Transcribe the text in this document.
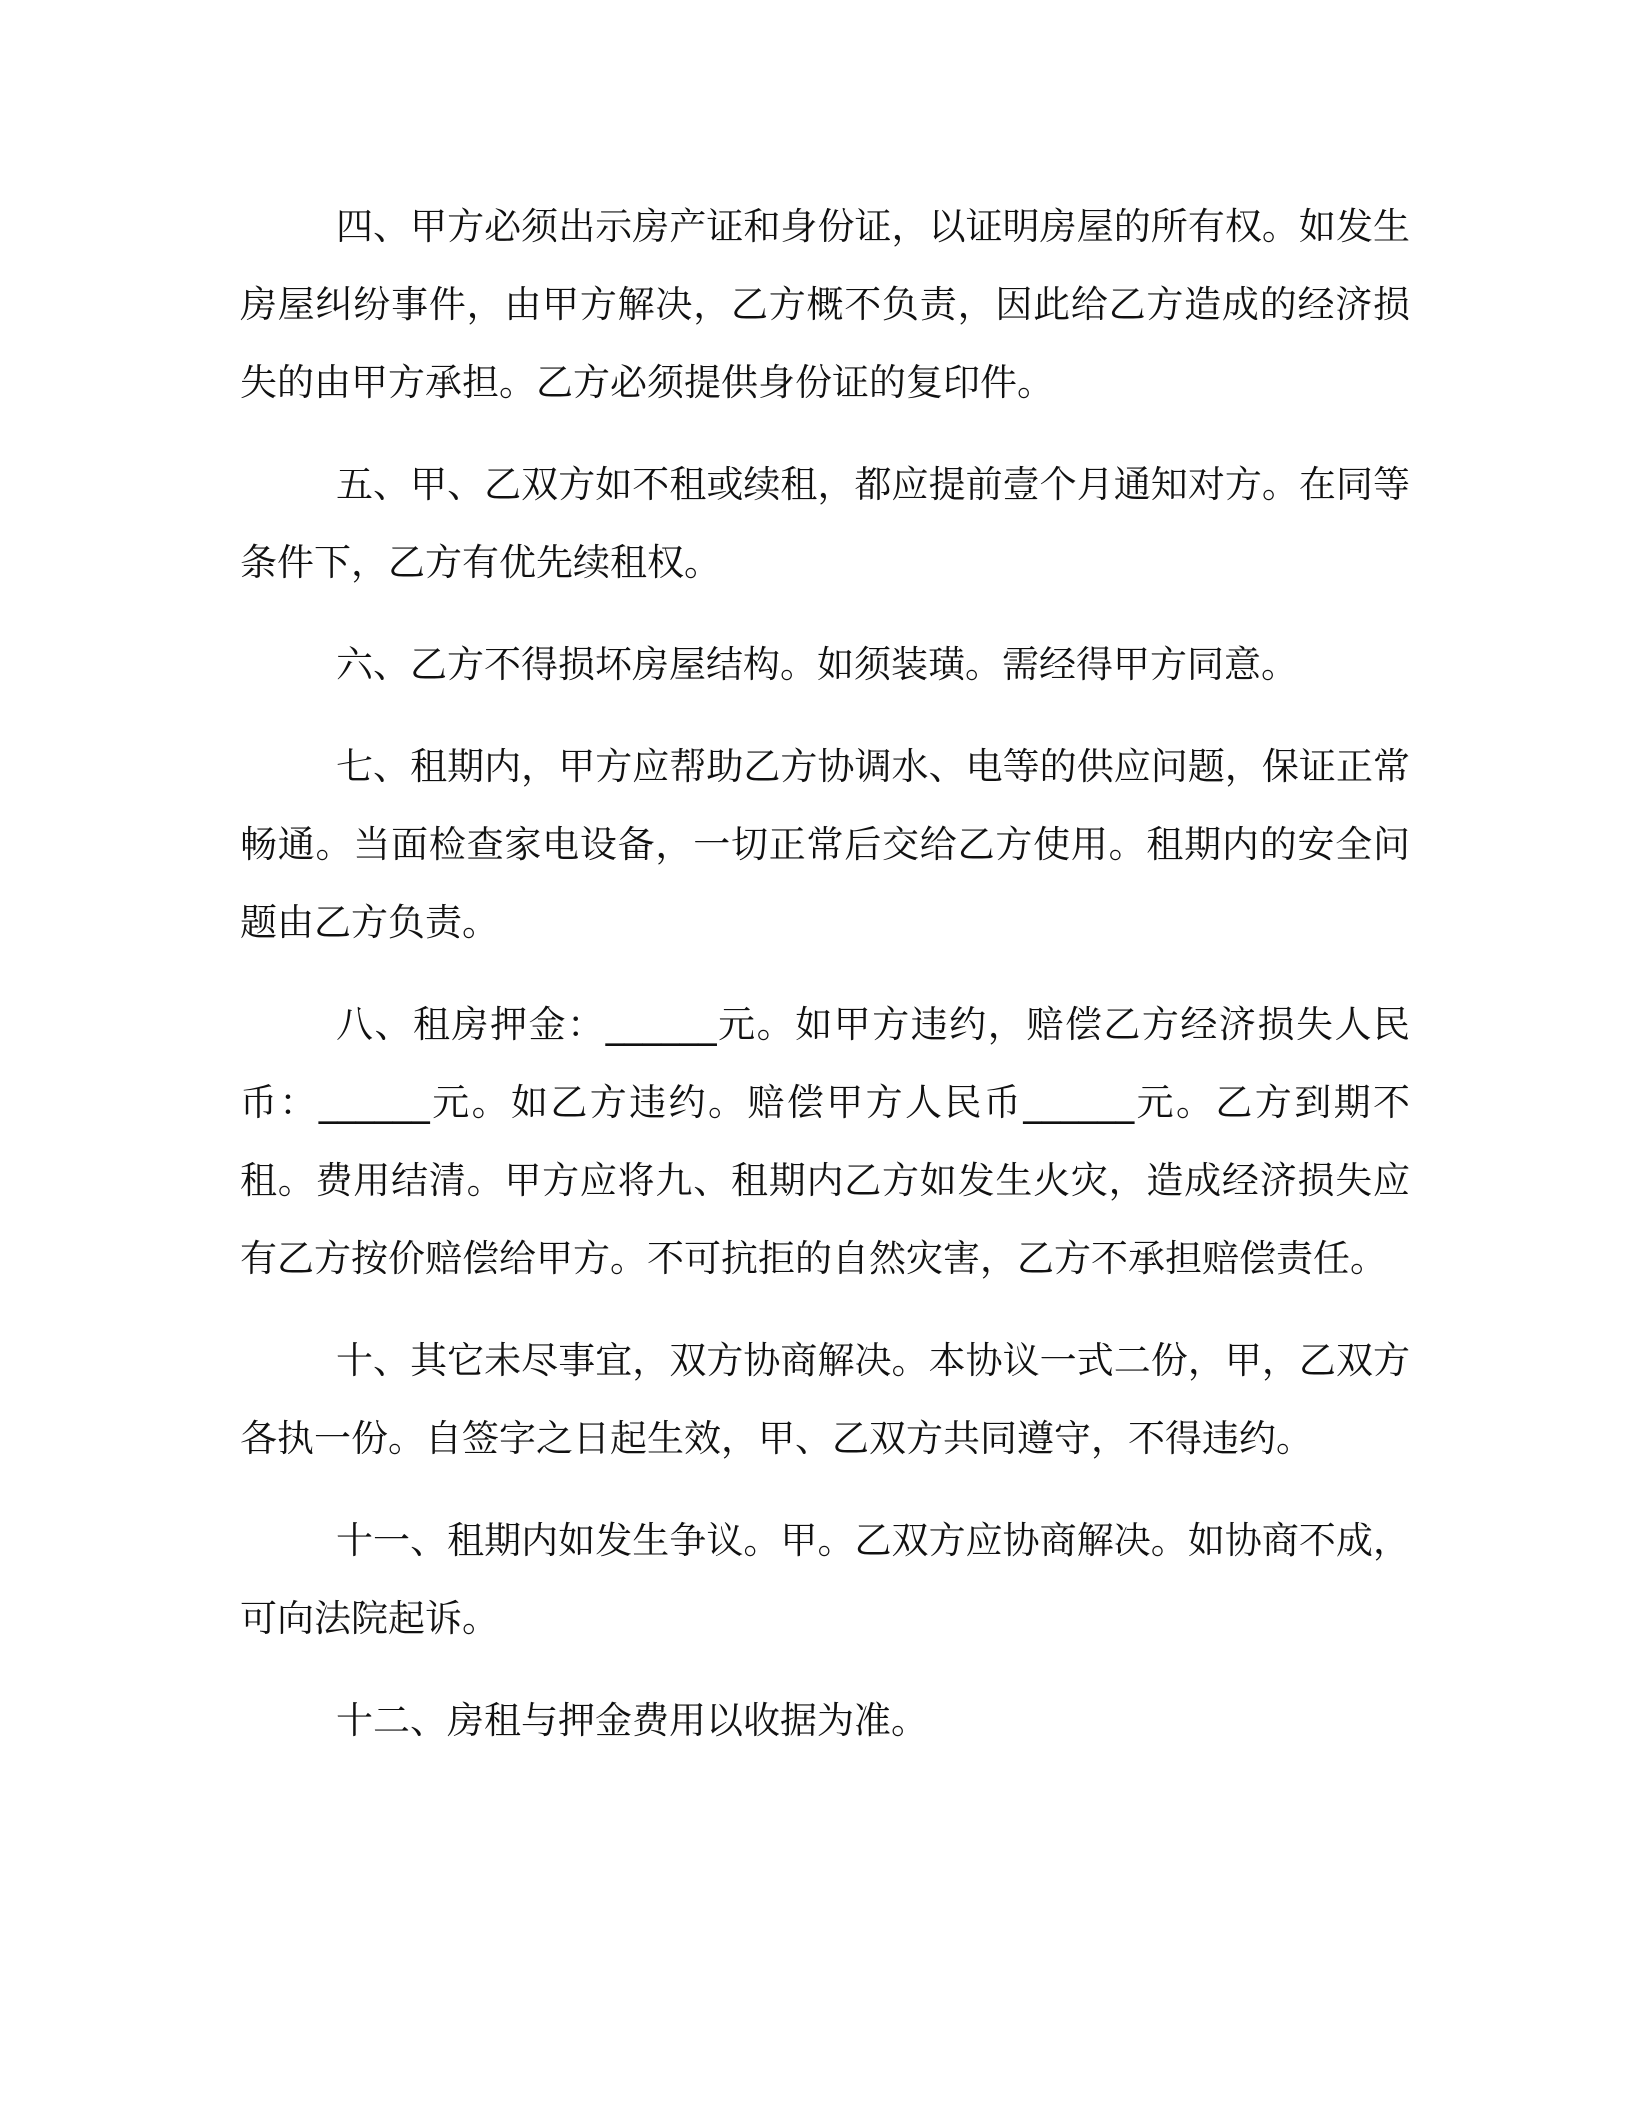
四、甲方必须出示房产证和身份证，以证明房屋的所有权。如发生房屋纠纷事件，由甲方解决，乙方概不负责，因此给乙方造成的经济损失的由甲方承担。乙方必须提供身份证的复印件。

五、甲、乙双方如不租或续租，都应提前壹个月通知对方。在同等条件下，乙方有优先续租权。

六、乙方不得损坏房屋结构。如须装璜。需经得甲方同意。

七、租期内，甲方应帮助乙方协调水、电等的供应问题，保证正常畅通。当面检查家电设备，一切正常后交给乙方使用。租期内的安全问题由乙方负责。

八、租房押金：______元。如甲方违约，赔偿乙方经济损失人民币：______元。如乙方违约。赔偿甲方人民币______元。乙方到期不租。费用结清。甲方应将九、租期内乙方如发生火灾，造成经济损失应有乙方按价赔偿给甲方。不可抗拒的自然灾害，乙方不承担赔偿责任。

十、其它未尽事宜，双方协商解决。本协议一式二份，甲，乙双方各执一份。自签字之日起生效，甲、乙双方共同遵守，不得违约。

十一、租期内如发生争议。甲。乙双方应协商解决。如协商不成，可向法院起诉。

十二、房租与押金费用以收据为准。
